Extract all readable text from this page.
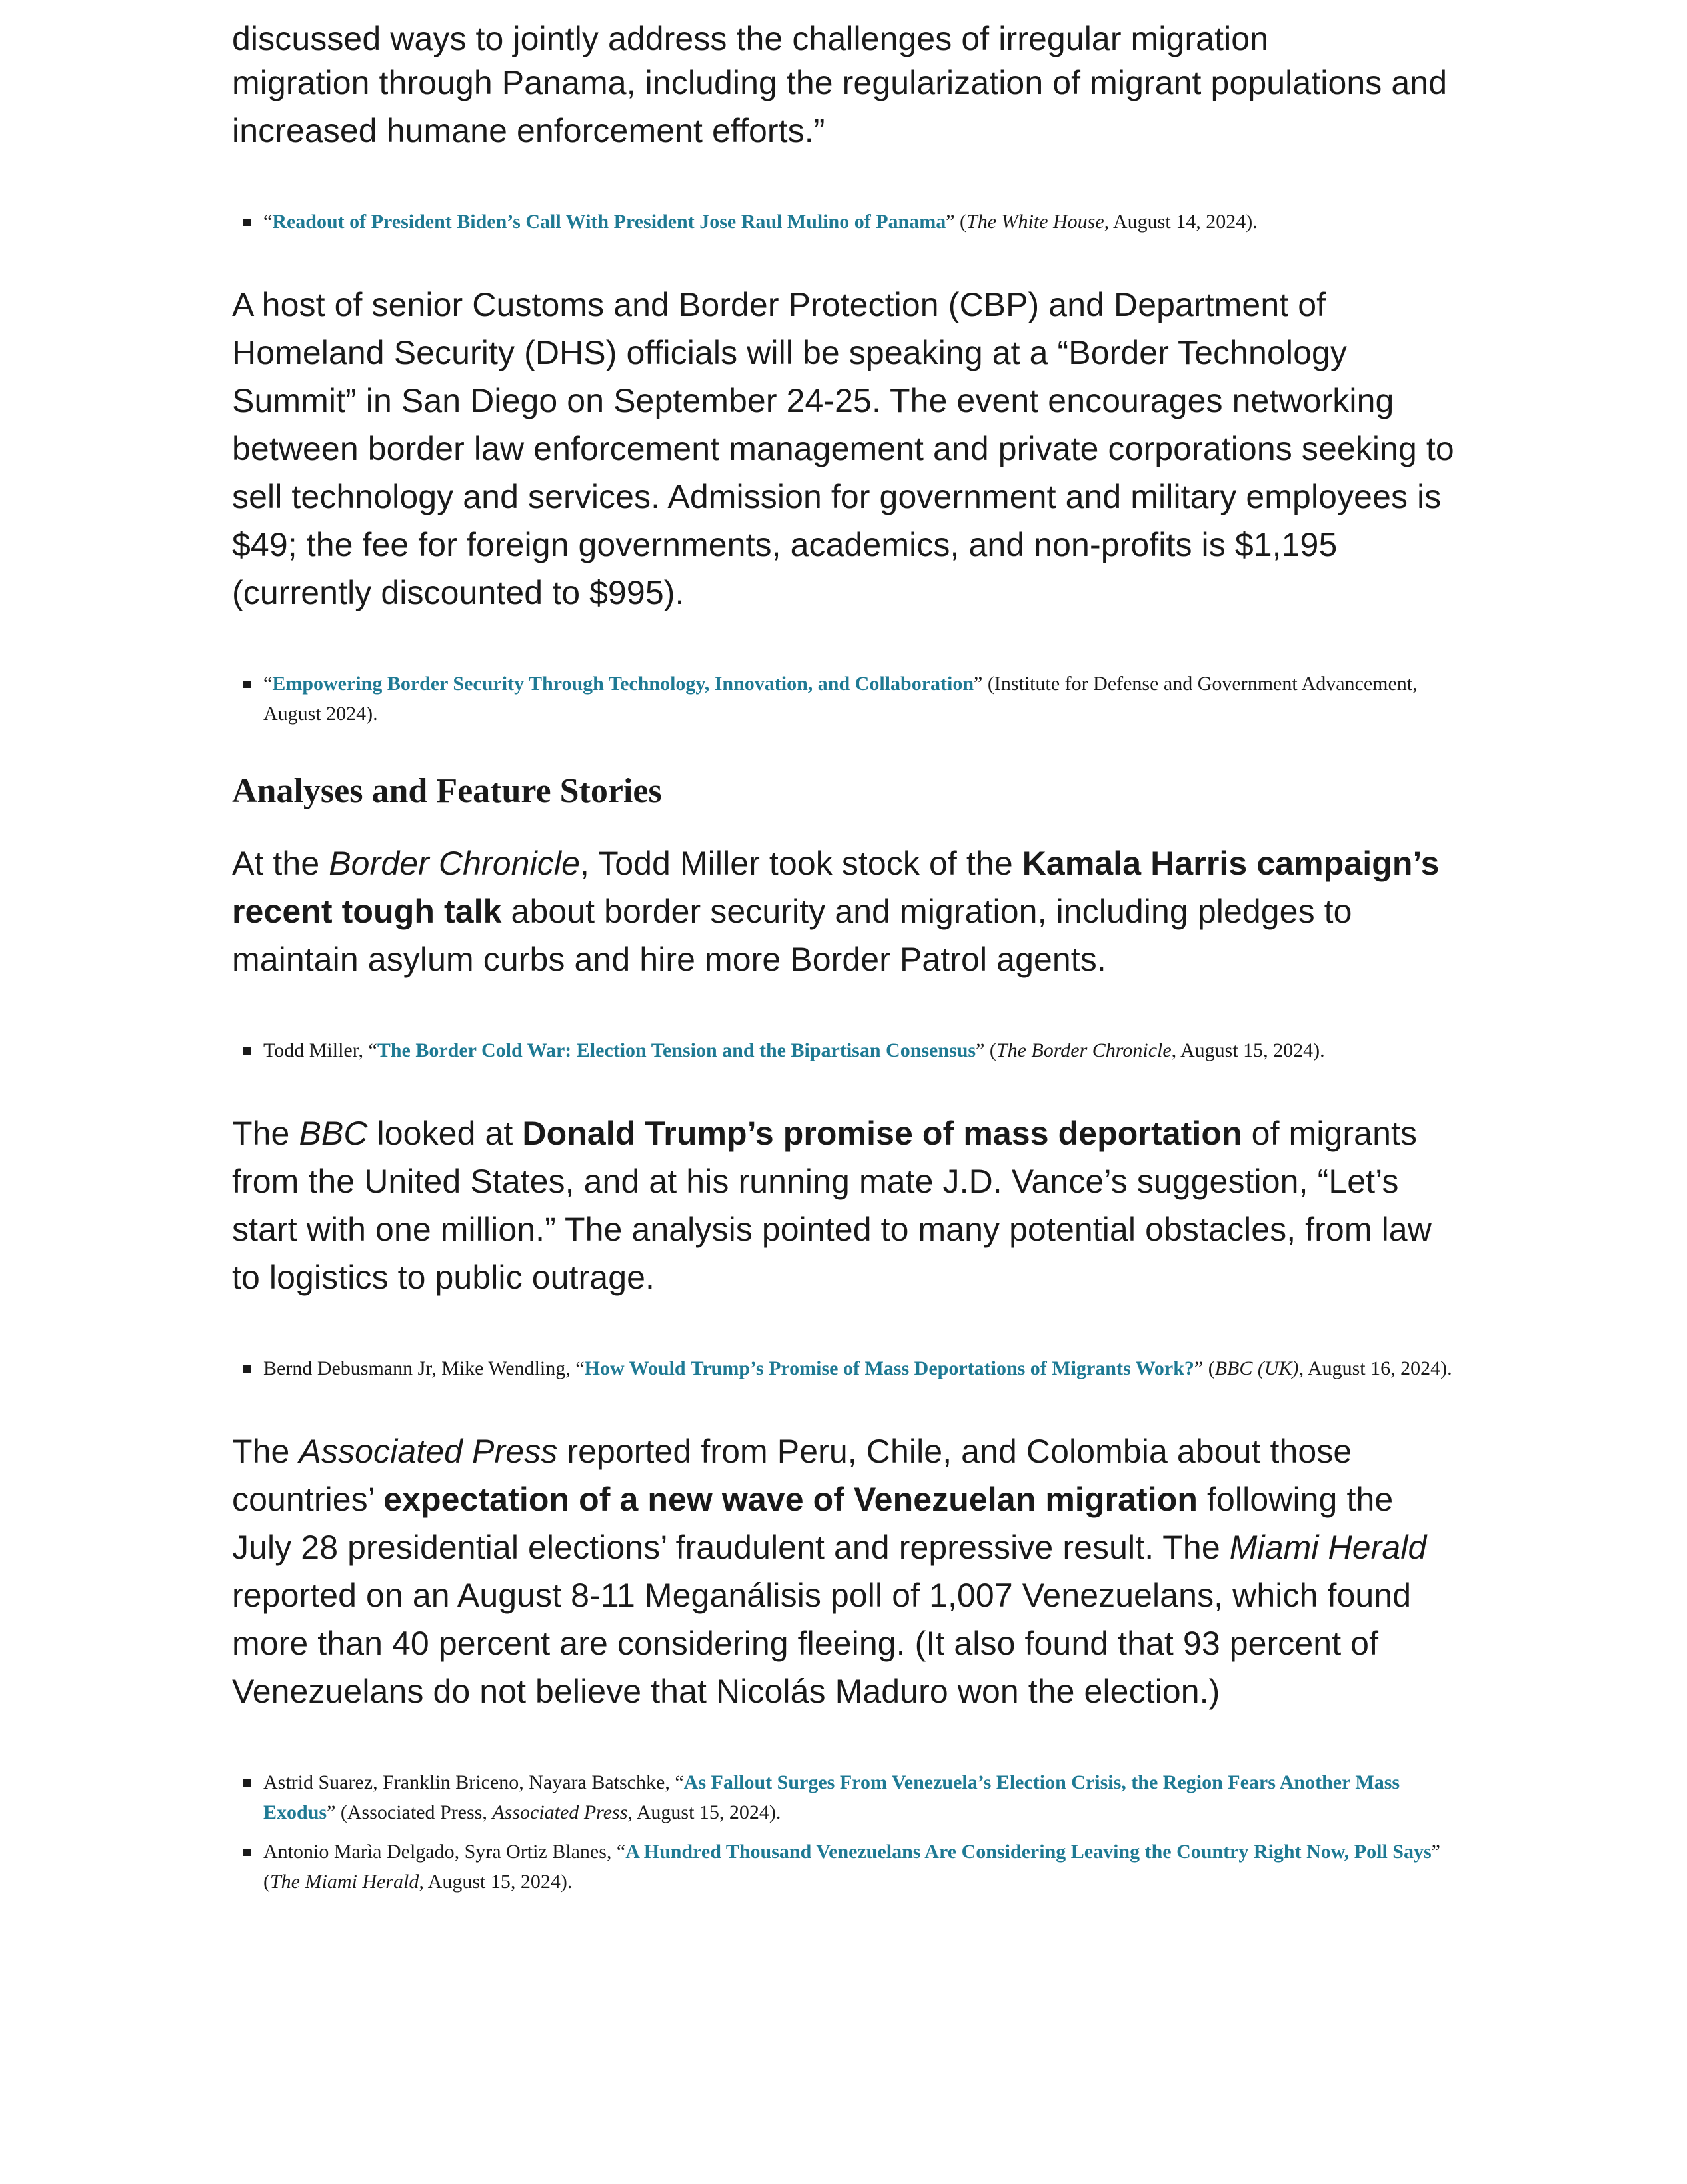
discussed ways to jointly address the challenges of irregular migration

migration through Panama, including the regularization of migrant populations and increased humane enforcement efforts.”

“Readout of President Biden’s Call With President Jose Raul Mulino of Panama” (The White House, August 14, 2024).

A host of senior Customs and Border Protection (CBP) and Department of Homeland Security (DHS) officials will be speaking at a “Border Technology Summit” in San Diego on September 24-25. The event encourages networking between border law enforcement management and private corporations seeking to sell technology and services. Admission for government and military employees is $49; the fee for foreign governments, academics, and non-profits is $1,195 (currently discounted to $995).

“Empowering Border Security Through Technology, Innovation, and Collaboration” (Institute for Defense and Government Advancement, August 2024).
Analyses and Feature Stories

At the Border Chronicle, Todd Miller took stock of the Kamala Harris campaign’s recent tough talk about border security and migration, including pledges to maintain asylum curbs and hire more Border Patrol agents.

Todd Miller, “The Border Cold War: Election Tension and the Bipartisan Consensus” (The Border Chronicle, August 15, 2024).

The BBC looked at Donald Trump’s promise of mass deportation of migrants from the United States, and at his running mate J.D. Vance’s suggestion, “Let’s start with one million.” The analysis pointed to many potential obstacles, from law to logistics to public outrage.

Bernd Debusmann Jr, Mike Wendling, “How Would Trump’s Promise of Mass Deportations of Migrants Work?” (BBC (UK), August 16, 2024).

The Associated Press reported from Peru, Chile, and Colombia about those countries’ expectation of a new wave of Venezuelan migration following the July 28 presidential elections’ fraudulent and repressive result. The Miami Herald reported on an August 8-11 Meganálisis poll of 1,007 Venezuelans, which found more than 40 percent are considering fleeing. (It also found that 93 percent of Venezuelans do not believe that Nicolás Maduro won the election.)

Astrid Suarez, Franklin Briceno, Nayara Batschke, “As Fallout Surges From Venezuela’s Election Crisis, the Region Fears Another Mass Exodus” (Associated Press, Associated Press, August 15, 2024).
Antonio Marìa Delgado, Syra Ortiz Blanes, “A Hundred Thousand Venezuelans Are Considering Leaving the Country Right Now, Poll Says” (The Miami Herald, August 15, 2024).
